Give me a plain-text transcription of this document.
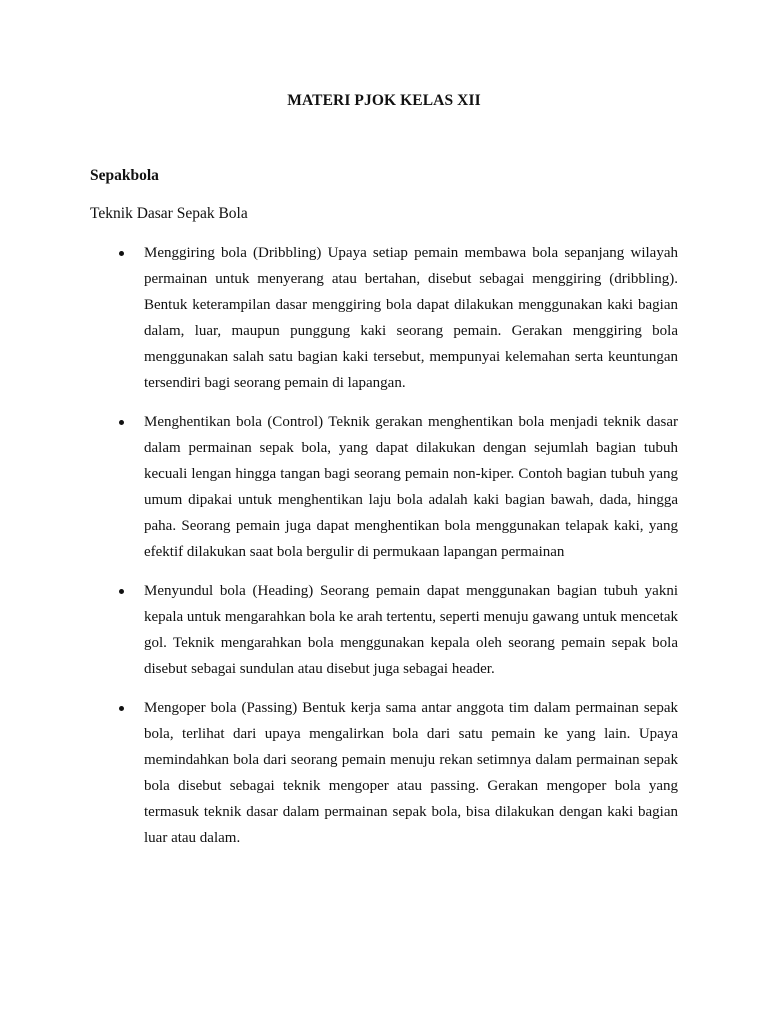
MATERI PJOK KELAS XII
Sepakbola
Teknik Dasar Sepak Bola
Menggiring bola (Dribbling) Upaya setiap pemain membawa bola sepanjang wilayah permainan untuk menyerang atau bertahan, disebut sebagai menggiring (dribbling). Bentuk keterampilan dasar menggiring bola dapat dilakukan menggunakan kaki bagian dalam, luar, maupun punggung kaki seorang pemain. Gerakan menggiring bola menggunakan salah satu bagian kaki tersebut, mempunyai kelemahan serta keuntungan tersendiri bagi seorang pemain di lapangan.
Menghentikan bola (Control) Teknik gerakan menghentikan bola menjadi teknik dasar dalam permainan sepak bola, yang dapat dilakukan dengan sejumlah bagian tubuh kecuali lengan hingga tangan bagi seorang pemain non-kiper. Contoh bagian tubuh yang umum dipakai untuk menghentikan laju bola adalah kaki bagian bawah, dada, hingga paha. Seorang pemain juga dapat menghentikan bola menggunakan telapak kaki, yang efektif dilakukan saat bola bergulir di permukaan lapangan permainan
Menyundul bola (Heading) Seorang pemain dapat menggunakan bagian tubuh yakni kepala untuk mengarahkan bola ke arah tertentu, seperti menuju gawang untuk mencetak gol. Teknik mengarahkan bola menggunakan kepala oleh seorang pemain sepak bola disebut sebagai sundulan atau disebut juga sebagai header.
Mengoper bola (Passing) Bentuk kerja sama antar anggota tim dalam permainan sepak bola, terlihat dari upaya mengalirkan bola dari satu pemain ke yang lain. Upaya memindahkan bola dari seorang pemain menuju rekan setimnya dalam permainan sepak bola disebut sebagai teknik mengoper atau passing. Gerakan mengoper bola yang termasuk teknik dasar dalam permainan sepak bola, bisa dilakukan dengan kaki bagian luar atau dalam.
